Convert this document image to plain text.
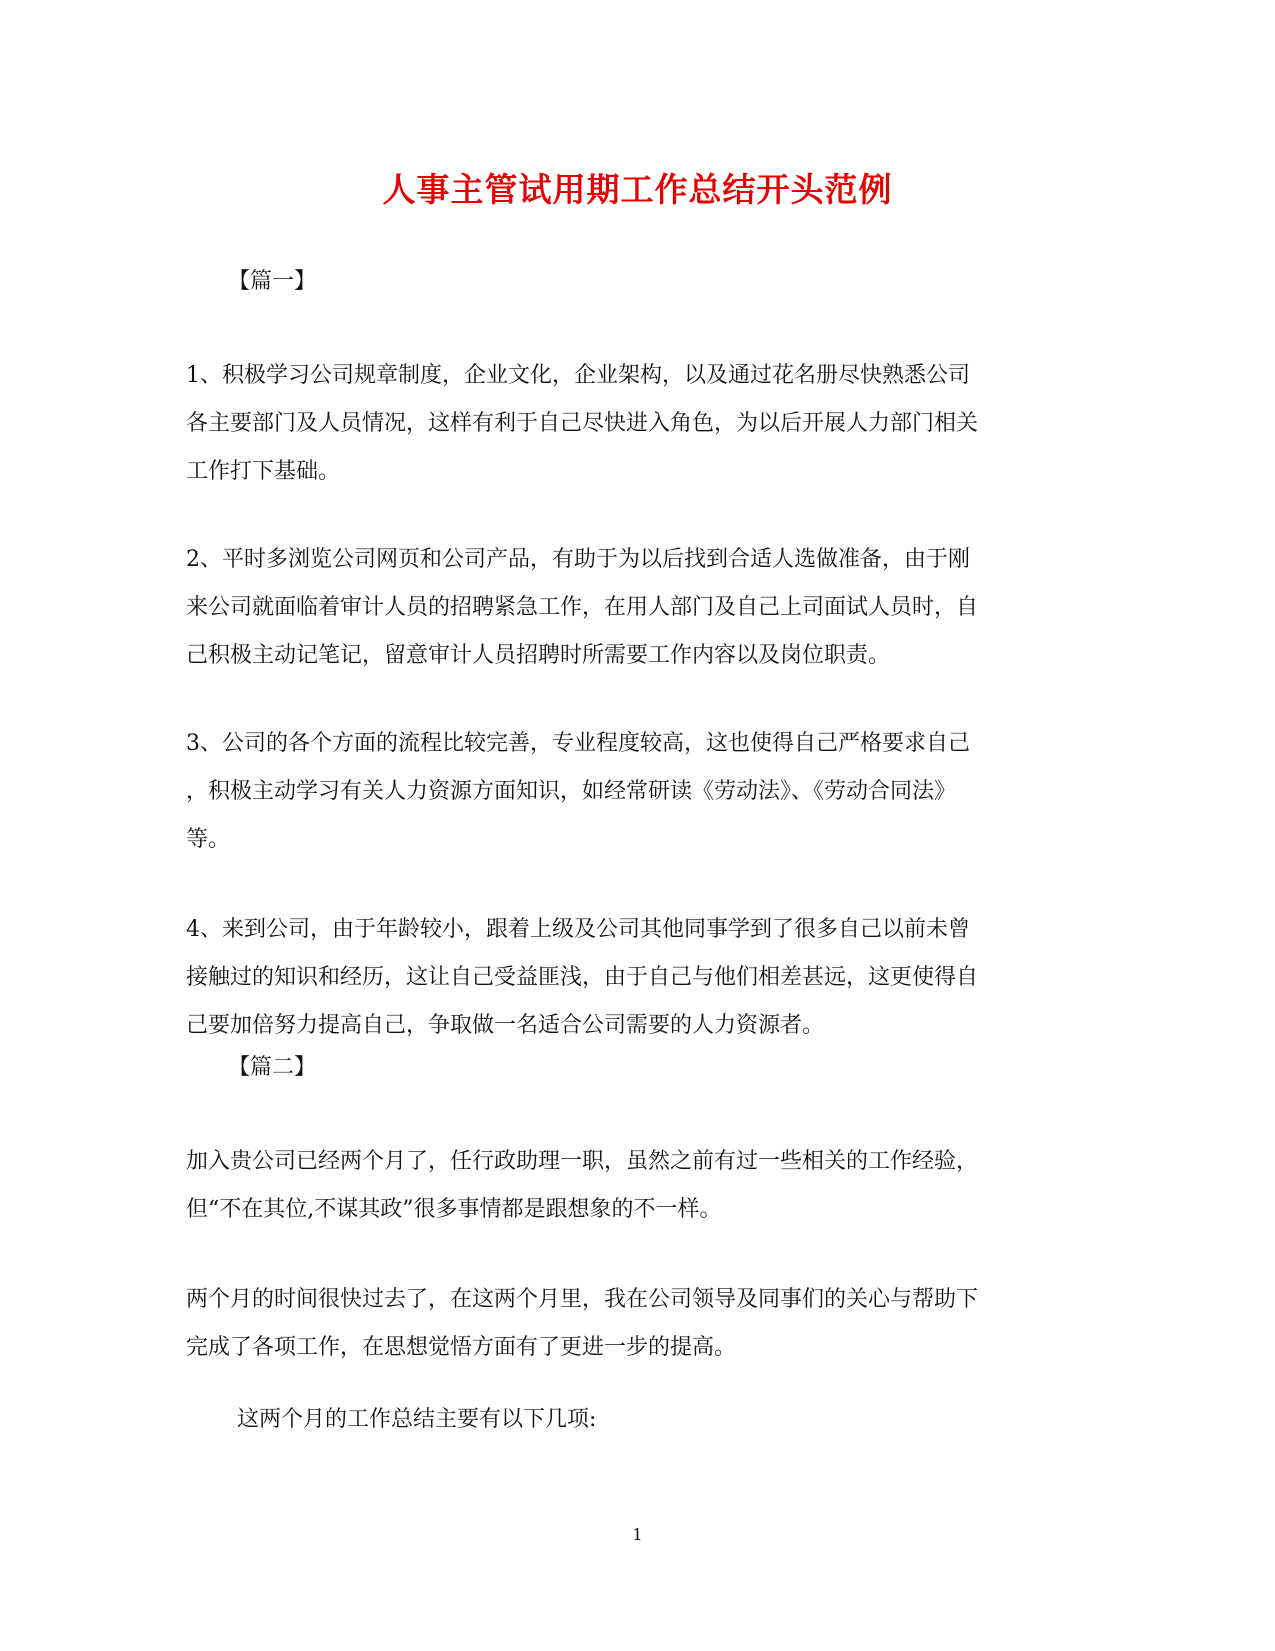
人事主管试用期工作总结开头范例
【篇一】
1、积极学习公司规章制度，企业文化，企业架构，以及通过花名册尽快熟悉公司
各主要部门及人员情况，这样有利于自己尽快进入角色，为以后开展人力部门相关
工作打下基础。
2、平时多浏览公司网页和公司产品，有助于为以后找到合适人选做准备，由于刚
来公司就面临着审计人员的招聘紧急工作，在用人部门及自己上司面试人员时，自
己积极主动记笔记，留意审计人员招聘时所需要工作内容以及岗位职责。
3、公司的各个方面的流程比较完善，专业程度较高，这也使得自己严格要求自己
，积极主动学习有关人力资源方面知识，如经常研读《劳动法》、《劳动合同法》
等。
4、来到公司，由于年龄较小，跟着上级及公司其他同事学到了很多自己以前未曾
接触过的知识和经历，这让自己受益匪浅，由于自己与他们相差甚远，这更使得自
己要加倍努力提高自己，争取做一名适合公司需要的人力资源者。
【篇二】
加入贵公司已经两个月了，任行政助理一职，虽然之前有过一些相关的工作经验，
但“不在其位,不谋其政”很多事情都是跟想象的不一样。
两个月的时间很快过去了，在这两个月里，我在公司领导及同事们的关心与帮助下
完成了各项工作，在思想觉悟方面有了更进一步的提高。
这两个月的工作总结主要有以下几项:
1
